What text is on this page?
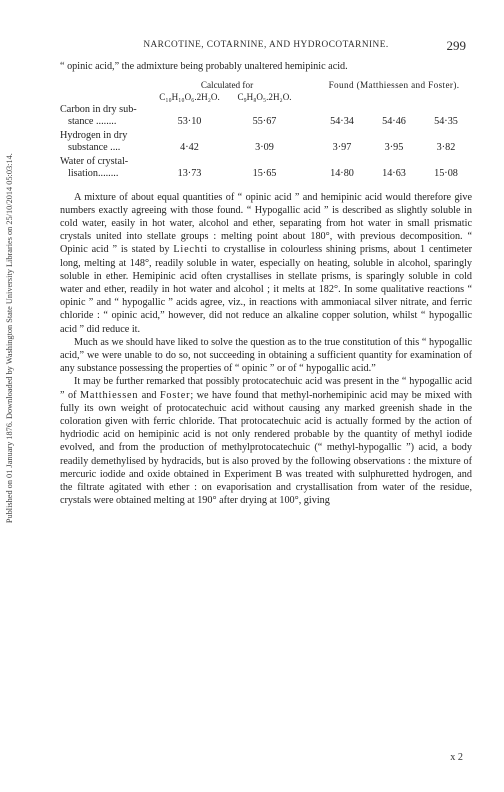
Published on 01 January 1876. Downloaded by Washington State University Libraries on 25/10/2014 05:03:14.
NARCOTINE, COTARNINE, AND HYDROCOTARNINE.	299
“ opinic acid,” the admixture being probably unaltered hemipinic acid.
Calculated for	Found (Matthiessen and Foster).
C₁₀H₁₀O₆.2H₂O.	C₉H₈O₅.2H₂O.
Carbon in dry sub-
stance ........	53·10	55·67	54·34	54·46	54·35
Hydrogen in dry
substance ....	4·42	3·09	3·97	3·95	3·82
Water of crystal-
lisation........	13·73	15·65	14·80	14·63	15·08

A mixture of about equal quantities of “ opinic acid ” and hemipinic acid would therefore give numbers exactly agreeing with those found. “ Hypogallic acid ” is described as slightly soluble in cold water, easily in hot water, alcohol and ether, separating from hot water in small prismatic crystals united into stellate groups : melting point about 180°, with previous decomposition. “ Opinic acid ” is stated by Liechti to crystallise in colourless shining prisms, about 1 centimeter long, melting at 148°, readily soluble in water, especially on heating, soluble in alcohol, sparingly soluble in ether. Hemipinic acid often crystallises in stellate prisms, is sparingly soluble in cold water and ether, readily in hot water and alcohol ; it melts at 182°. In some qualitative reactions “ opinic ” and “ hypogallic ” acids agree, viz., in reactions with ammoniacal silver nitrate, and ferric chloride : “ opinic acid,” however, did not reduce an alkaline copper solution, whilst “ hypogallic acid ” did reduce it.

Much as we should have liked to solve the question as to the true constitution of this “ hypogallic acid,” we were unable to do so, not succeeding in obtaining a sufficient quantity for examination of any substance possessing the properties of “ opinic ” or of “ hypogallic acid.”

It may be further remarked that possibly protocatechuic acid was present in the “ hypogallic acid ” of Matthiessen and Foster; we have found that methyl-norhemipinic acid may be mixed with fully its own weight of protocatechuic acid without causing any marked greenish shade in the coloration given with ferric chloride. That protocatechuic acid is actually formed by the action of hydriodic acid on hemipinic acid is not only rendered probable by the quantity of methyl iodide evolved, and from the production of methylprotocatechuic (“ methyl-hypogallic ”) acid, a body readily demethylised by hydracids, but is also proved by the following observations : the mixture of mercuric iodide and oxide obtained in Experiment B was treated with sulphuretted hydrogen, and the filtrate agitated with ether : on evaporisation and crystallisation from water of the residue, crystals were obtained melting at 190° after drying at 100°, giving

x 2
